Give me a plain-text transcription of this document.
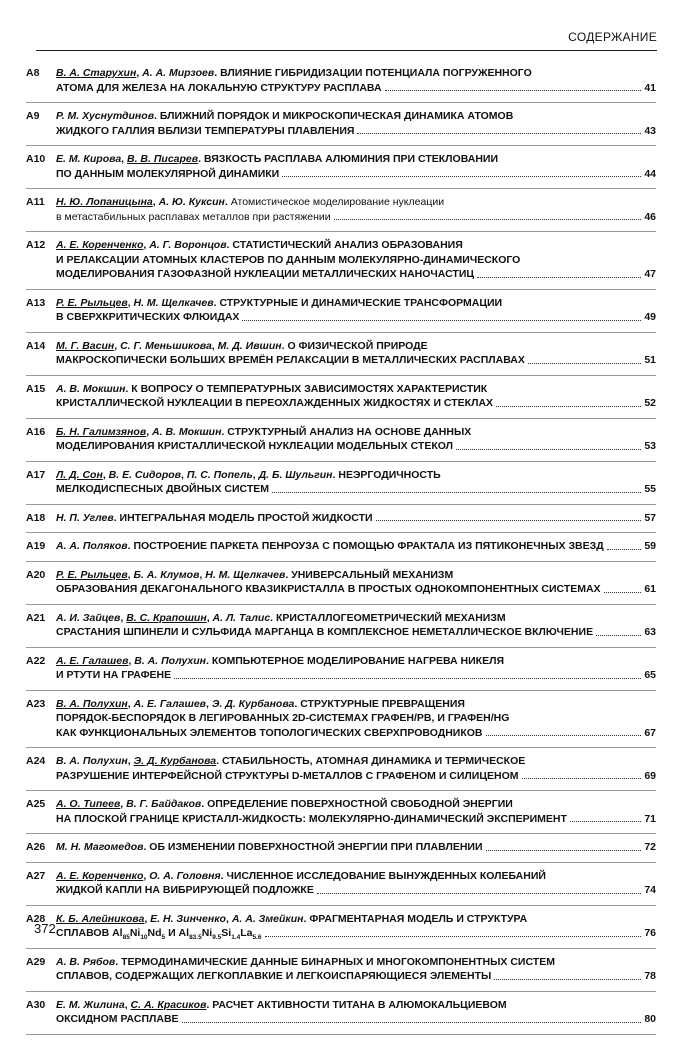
СОДЕРЖАНИЕ
А8	В. А. Старухин, А. А. Мирзоев. ВЛИЯНИЕ ГИБРИДИЗАЦИИ ПОТЕНЦИАЛА ПОГРУЖЕННОГО
АТОМА ДЛЯ ЖЕЛЕЗА НА ЛОКАЛЬНУЮ СТРУКТУРУ РАСПЛАВА	41
А9	Р. М. Хуснутдинов. БЛИЖНИЙ ПОРЯДОК И МИКРОСКОПИЧЕСКАЯ ДИНАМИКА АТОМОВ
ЖИДКОГО ГАЛЛИЯ ВБЛИЗИ ТЕМПЕРАТУРЫ ПЛАВЛЕНИЯ	43
А10	Е. М. Кирова, В. В. Писарев. ВЯЗКОСТЬ РАСПЛАВА АЛЮМИНИЯ ПРИ СТЕКЛОВАНИИ
ПО ДАННЫМ МОЛЕКУЛЯРНОЙ ДИНАМИКИ	44
А11	Н. Ю. Лопаницына, А. Ю. Куксин. Атомистическое моделирование нуклеации
в метастабильных расплавах металлов при растяжении	46
А12	А. Е. Коренченко, А. Г. Воронцов. СТАТИСТИЧЕСКИЙ АНАЛИЗ ОБРАЗОВАНИЯ
И РЕЛАКСАЦИИ АТОМНЫХ КЛАСТЕРОВ ПО ДАННЫМ МОЛЕКУЛЯРНО-ДИНАМИЧЕСКОГО
МОДЕЛИРОВАНИЯ ГАЗОФАЗНОЙ НУКЛЕАЦИИ МЕТАЛЛИЧЕСКИХ НАНОЧАСТИЦ	47
А13	Р. Е. Рыльцев, Н. М. Щелкачев. СТРУКТУРНЫЕ И ДИНАМИЧЕСКИЕ ТРАНСФОРМАЦИИ
В СВЕРХКРИТИЧЕСКИХ ФЛЮИДАХ	49
А14	М. Г. Васин, С. Г. Меньшикова, М. Д. Ившин. О ФИЗИЧЕСКОЙ ПРИРОДЕ
МАКРОСКОПИЧЕСКИ БОЛЬШИХ ВРЕМЁН РЕЛАКСАЦИИ В МЕТАЛЛИЧЕСКИХ РАСПЛАВАХ	51
А15	А. В. Мокшин. К ВОПРОСУ О ТЕМПЕРАТУРНЫХ ЗАВИСИМОСТЯХ ХАРАКТЕРИСТИК
КРИСТАЛЛИЧЕСКОЙ НУКЛЕАЦИИ В ПЕРЕОХЛАЖДЕННЫХ ЖИДКОСТЯХ И СТЕКЛАХ	52
А16	Б. Н. Галимзянов, А. В. Мокшин. СТРУКТУРНЫЙ АНАЛИЗ НА ОСНОВЕ ДАННЫХ
МОДЕЛИРОВАНИЯ КРИСТАЛЛИЧЕСКОЙ НУКЛЕАЦИИ МОДЕЛЬНЫХ СТЕКОЛ	53
А17	Л. Д. Сон, В. Е. Сидоров, П. С. Попель, Д. Б. Шульгин. НЕЭРГОДИЧНОСТЬ
МЕЛКОДИСПЕСНЫХ ДВОЙНЫХ СИСТЕМ	55
А18	Н. П. Углев. ИНТЕГРАЛЬНАЯ МОДЕЛЬ ПРОСТОЙ ЖИДКОСТИ	57
А19	А. А. Поляков. ПОСТРОЕНИЕ ПАРКЕТА ПЕНРОУЗА С ПОМОЩЬЮ ФРАКТАЛА ИЗ ПЯТИКОНЕЧНЫХ ЗВЕЗД	59
А20	Р. Е. Рыльцев, Б. А. Клумов, Н. М. Щелкачев. УНИВЕРСАЛЬНЫЙ МЕХАНИЗМ
ОБРАЗОВАНИЯ ДЕКАГОНАЛЬНОГО КВАЗИКРИСТАЛЛА В ПРОСТЫХ ОДНОКОМПОНЕНТНЫХ СИСТЕМАХ	61
А21	А. И. Зайцев, В. С. Крапошин, А. Л. Талис. КРИСТАЛЛОГЕОМЕТРИЧЕСКИЙ МЕХАНИЗМ
СРАСТАНИЯ ШПИНЕЛИ И СУЛЬФИДА МАРГАНЦА В КОМПЛЕКСНОЕ НЕМЕТАЛЛИЧЕСКОЕ ВКЛЮЧЕНИЕ	63
А22	А. Е. Галашев, В. А. Полухин. КОМПЬЮТЕРНОЕ МОДЕЛИРОВАНИЕ НАГРЕВА НИКЕЛЯ
И РТУТИ НА ГРАФЕНЕ	65
А23	В. А. Полухин, А. Е. Галашев, Э. Д. Курбанова. СТРУКТУРНЫЕ ПРЕВРАЩЕНИЯ
ПОРЯДОК-БЕСПОРЯДОК В ЛЕГИРОВАННЫХ 2D-СИСТЕМАХ ГРАФЕН/PB, И ГРАФЕН/HG
КАК ФУНКЦИОНАЛЬНЫХ ЭЛЕМЕНТОВ ТОПОЛОГИЧЕСКИХ СВЕРХПРОВОДНИКОВ	67
А24	В. А. Полухин, Э. Д. Курбанова. СТАБИЛЬНОСТЬ, АТОМНАЯ ДИНАМИКА И ТЕРМИЧЕСКОЕ
РАЗРУШЕНИЕ ИНТЕРФЕЙСНОЙ СТРУКТУРЫ D-МЕТАЛЛОВ С ГРАФЕНОМ И СИЛИЦЕНОМ	69
А25	А. О. Типеев, В. Г. Байдаков. ОПРЕДЕЛЕНИЕ ПОВЕРХНОСТНОЙ СВОБОДНОЙ ЭНЕРГИИ
НА ПЛОСКОЙ ГРАНИЦЕ КРИСТАЛЛ-ЖИДКОСТЬ: МОЛЕКУЛЯРНО-ДИНАМИЧЕСКИЙ ЭКСПЕРИМЕНТ	71
А26	М. Н. Магомедов. ОБ ИЗМЕНЕНИИ ПОВЕРХНОСТНОЙ ЭНЕРГИИ ПРИ ПЛАВЛЕНИИ	72
А27	А. Е. Коренченко, О. А. Головня. ЧИСЛЕННОЕ ИССЛЕДОВАНИЕ ВЫНУЖДЕННЫХ КОЛЕБАНИЙ
ЖИДКОЙ КАПЛИ НА ВИБРИРУЮЩЕЙ ПОДЛОЖКЕ	74
А28	К. Б. Алейникова, Е. Н. Зинченко, А. А. Змейкин. ФРАГМЕНТАРНАЯ МОДЕЛЬ И СТРУКТУРА
СПЛАВОВ $Al_{85}Ni_{10}Nd_5$ И $Al_{83.5}Ni_{9.5}Si_{1.4}La_{5.6}$	76
А29	А. В. Рябов. ТЕРМОДИНАМИЧЕСКИЕ ДАННЫЕ БИНАРНЫХ И МНОГОКОМПОНЕНТНЫХ СИСТЕМ
СПЛАВОВ, СОДЕРЖАЩИХ ЛЕГКОПЛАВКИЕ И ЛЕГКОИСПАРЯЮЩИЕСЯ ЭЛЕМЕНТЫ	78
А30	Е. М. Жилина, С. А. Красиков. РАСЧЕТ АКТИВНОСТИ ТИТАНА В АЛЮМОКАЛЬЦИЕВОМ
ОКСИДНОМ РАСПЛАВЕ	80
372
